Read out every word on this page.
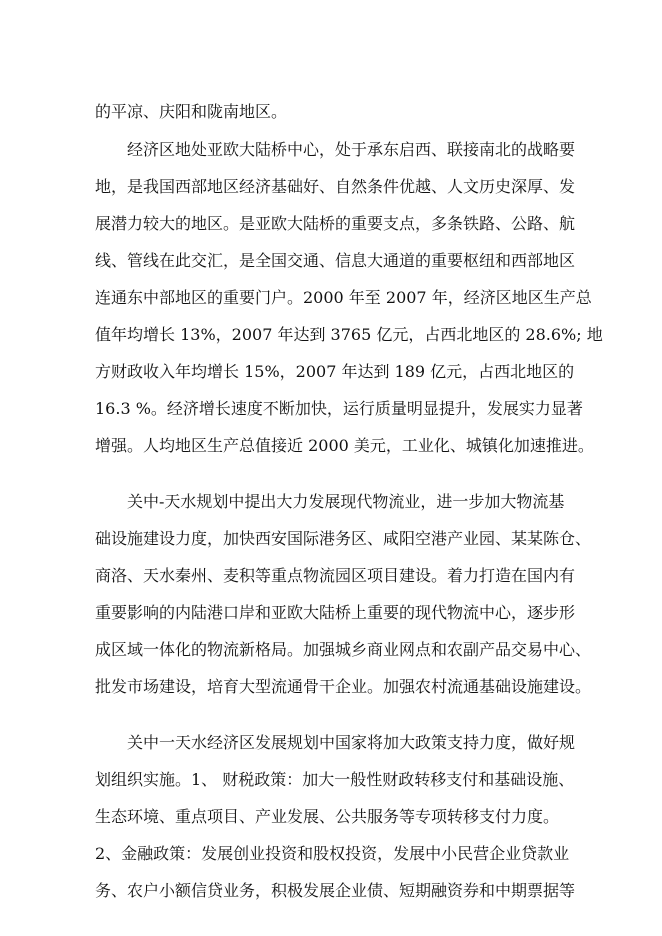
的平凉、庆阳和陇南地区。

经济区地处亚欧大陆桥中心，处于承东启西、联接南北的战略要

地，是我国西部地区经济基础好、自然条件优越、人文历史深厚、发

展潜力较大的地区。是亚欧大陆桥的重要支点，多条铁路、公路、航

线、管线在此交汇，是全国交通、信息大通道的重要枢纽和西部地区

连通东中部地区的重要门户。2000 年至 2007 年，经济区地区生产总

值年均增长 13%，2007 年达到 3765 亿元，占西北地区的 28.6%; 地

方财政收入年均增长 15%，2007 年达到 189 亿元，占西北地区的

16.3 %。经济增长速度不断加快，运行质量明显提升，发展实力显著

增强。人均地区生产总值接近 2000 美元，工业化、城镇化加速推进。

关中-天水规划中提出大力发展现代物流业，进一步加大物流基

础设施建设力度，加快西安国际港务区、咸阳空港产业园、某某陈仓、

商洛、天水秦州、麦积等重点物流园区项目建设。着力打造在国内有

重要影响的内陆港口岸和亚欧大陆桥上重要的现代物流中心，逐步形

成区域一体化的物流新格局。加强城乡商业网点和农副产品交易中心、

批发市场建设，培育大型流通骨干企业。加强农村流通基础设施建设。

关中一天水经济区发展规划中国家将加大政策支持力度，做好规

划组织实施。1、 财税政策：加大一般性财政转移支付和基础设施、

生态环境、重点项目、产业发展、公共服务等专项转移支付力度。

2、金融政策：发展创业投资和股权投资，发展中小民营企业贷款业

务、农户小额信贷业务，积极发展企业债、短期融资券和中期票据等
